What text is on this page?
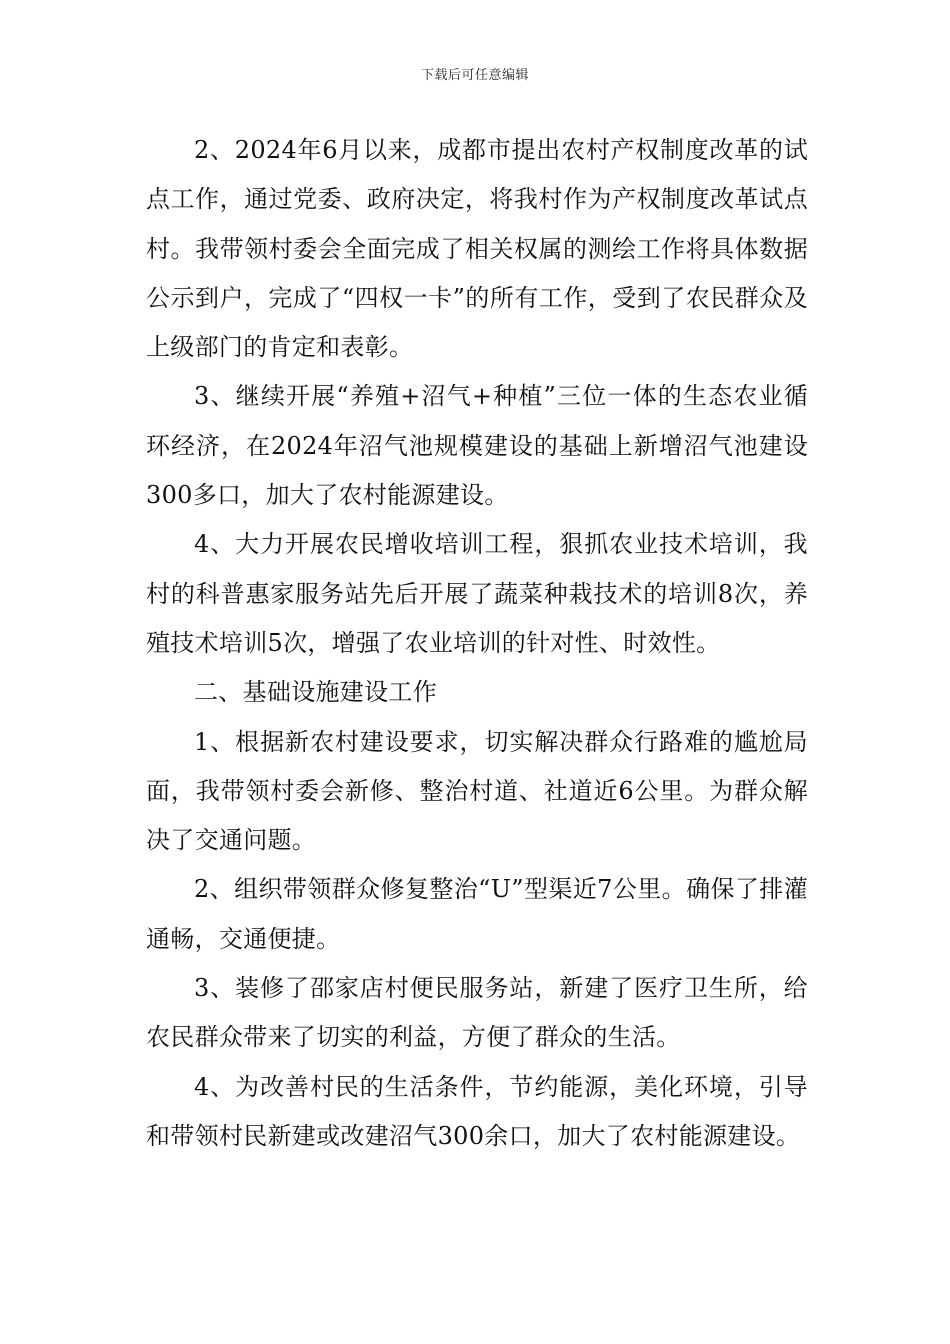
下载后可任意编辑

2、2024年6月以来，成都市提出农村产权制度改革的试点工作，通过党委、政府决定，将我村作为产权制度改革试点村。我带领村委会全面完成了相关权属的测绘工作将具体数据公示到户，完成了“四权一卡”的所有工作，受到了农民群众及上级部门的肯定和表彰。

3、继续开展“养殖+沼气+种植”三位一体的生态农业循环经济，在2024年沼气池规模建设的基础上新增沼气池建设300多口，加大了农村能源建设。

4、大力开展农民增收培训工程，狠抓农业技术培训，我村的科普惠家服务站先后开展了蔬菜种栽技术的培训8次，养殖技术培训5次，增强了农业培训的针对性、时效性。

二、基础设施建设工作

1、根据新农村建设要求，切实解决群众行路难的尴尬局面，我带领村委会新修、整治村道、社道近6公里。为群众解决了交通问题。

2、组织带领群众修复整治“U”型渠近7公里。确保了排灌通畅，交通便捷。

3、装修了邵家店村便民服务站，新建了医疗卫生所，给农民群众带来了切实的利益，方便了群众的生活。

4、为改善村民的生活条件，节约能源，美化环境，引导和带领村民新建或改建沼气300余口，加大了农村能源建设。
